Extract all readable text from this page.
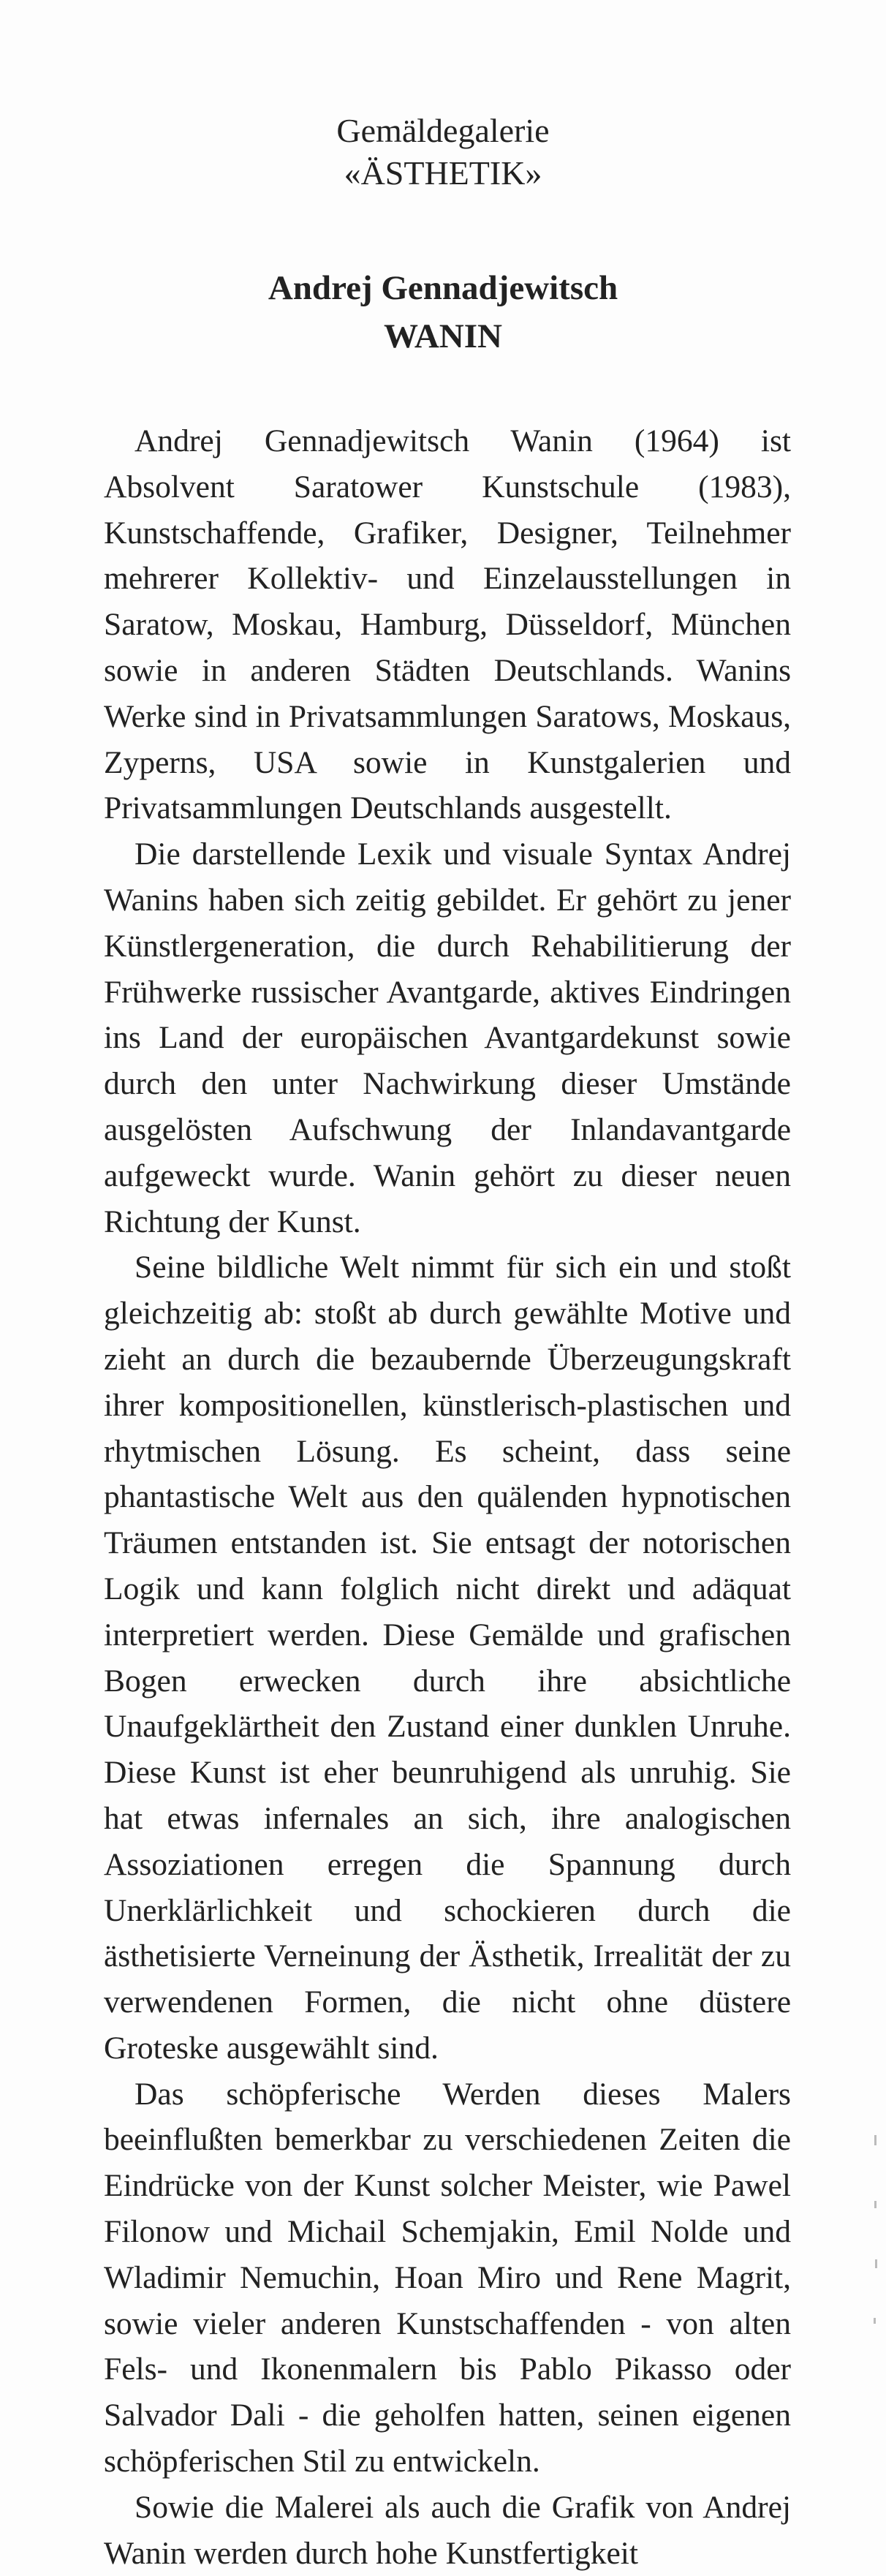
Gemäldegalerie
«ÄSTHETIK»
Andrej Gennadjewitsch
WANIN

Andrej Gennadjewitsch Wanin (1964) ist Absolvent Saratower Kunstschule (1983), Kunstschaffende, Grafiker, Designer, Teilnehmer mehrerer Kollektiv- und Einzelausstellungen in Saratow, Moskau, Hamburg, Düsseldorf, München sowie in anderen Städten Deutschlands. Wanins Werke sind in Privatsammlungen Saratows, Moskaus, Zyperns, USA sowie in Kunstgalerien und Privatsammlungen Deutschlands ausgestellt.

Die darstellende Lexik und visuale Syntax Andrej Wanins haben sich zeitig gebildet. Er gehört zu jener Künstlergeneration, die durch Rehabilitierung der Frühwerke russischer Avantgarde, aktives Eindringen ins Land der europäischen Avantgardekunst sowie durch den unter Nachwirkung dieser Umstände ausgelösten Aufschwung der Inlandavantgarde aufgeweckt wurde. Wanin gehört zu dieser neuen Richtung der Kunst.

Seine bildliche Welt nimmt für sich ein und stoßt gleichzeitig ab: stoßt ab durch gewählte Motive und zieht an durch die bezaubernde Überzeugungskraft ihrer kompositionellen, künstlerisch-plastischen und rhytmischen Lösung. Es scheint, dass seine phantastische Welt aus den quälenden hypnotischen Träumen entstanden ist. Sie entsagt der notorischen Logik und kann folglich nicht direkt und adäquat interpretiert werden. Diese Gemälde und grafischen Bogen erwecken durch ihre absichtliche Unaufgeklärtheit den Zustand einer dunklen Unruhe. Diese Kunst ist eher beunruhigend als unruhig. Sie hat etwas infernales an sich, ihre analogischen Assoziationen erregen die Spannung durch Unerklärlichkeit und schockieren durch die ästhetisierte Verneinung der Ästhetik, Irrealität der zu verwendenen Formen, die nicht ohne düstere Groteske ausgewählt sind.

Das schöpferische Werden dieses Malers beeinflußten bemerkbar zu verschiedenen Zeiten die Eindrücke von der Kunst solcher Meister, wie Pawel Filonow und Michail Schemjakin, Emil Nolde und Wladimir Nemuchin, Hoan Miro und Rene Magrit, sowie vieler anderen Kunstschaffenden - von alten Fels- und Ikonenmalern bis Pablo Pikasso oder Salvador Dali - die geholfen hatten, seinen eigenen schöpferischen Stil zu entwickeln.

Sowie die Malerei als auch die Grafik von Andrej Wanin werden durch hohe Kunstfertigkeit
